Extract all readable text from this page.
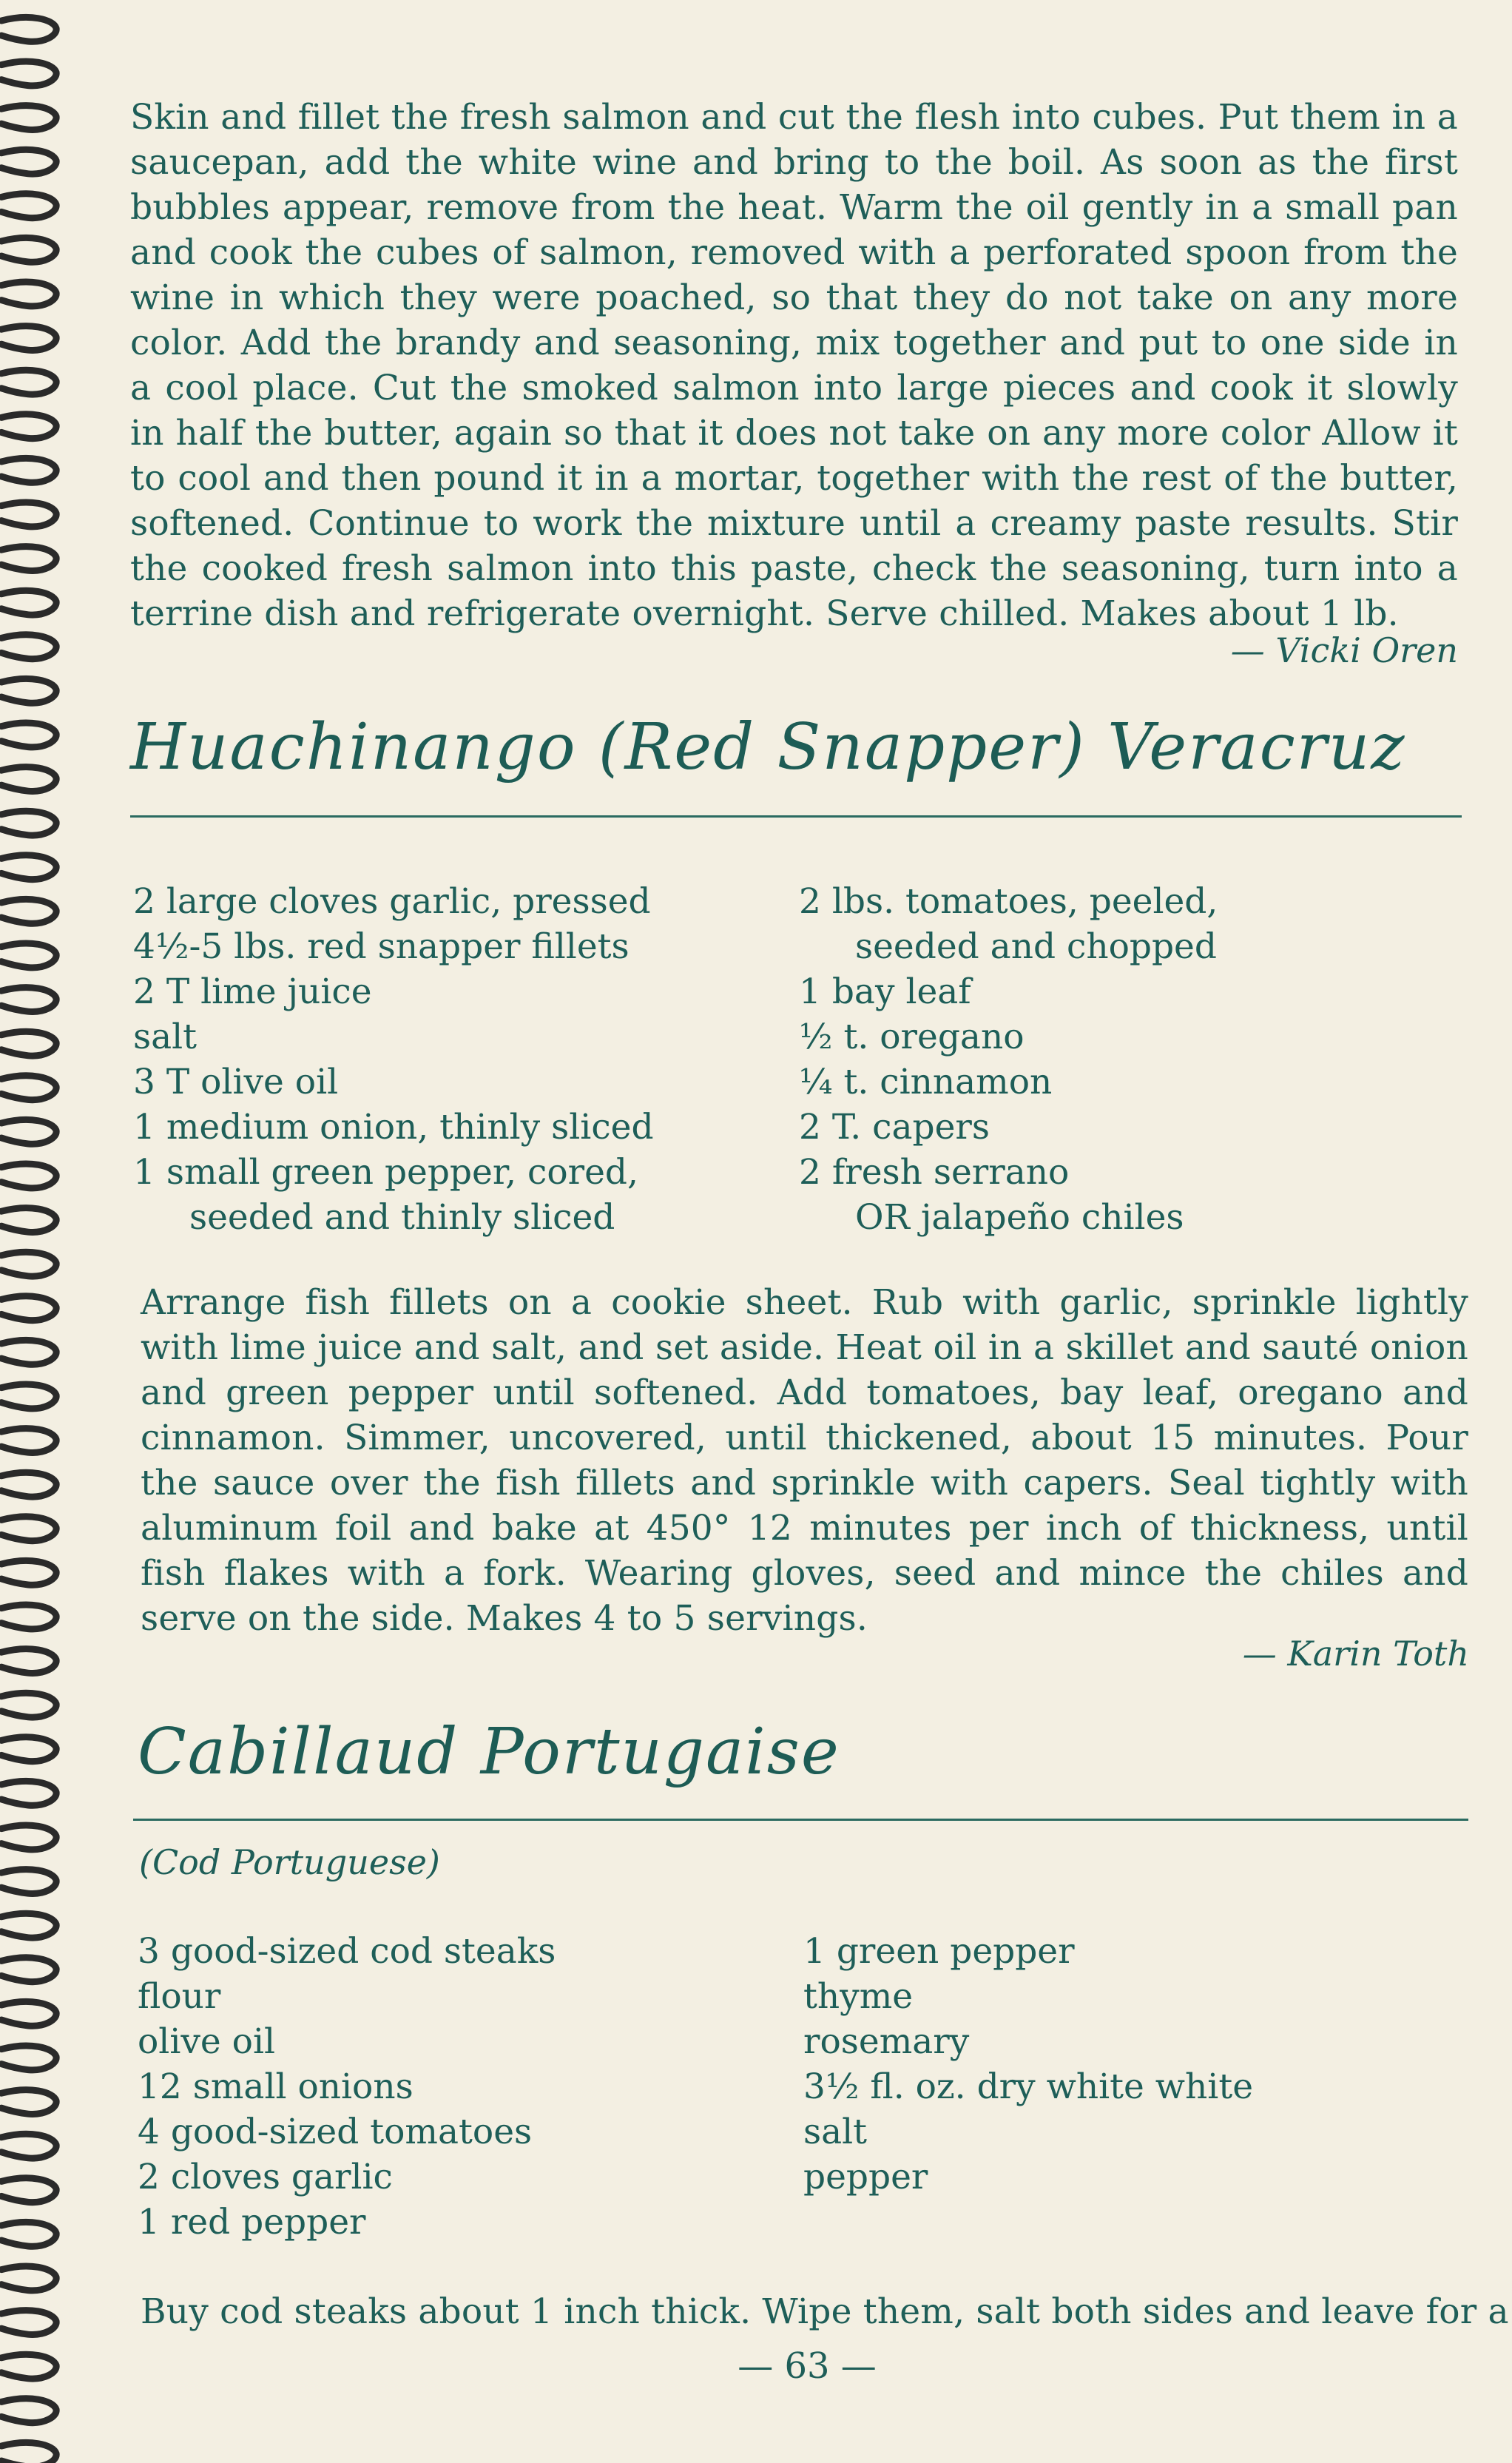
Skin and fillet the fresh salmon and cut the flesh into cubes. Put them in a saucepan, add the white wine and bring to the boil. As soon as the first bubbles appear, remove from the heat. Warm the oil gently in a small pan and cook the cubes of salmon, removed with a perforated spoon from the wine in which they were poached, so that they do not take on any more color. Add the brandy and seasoning, mix together and put to one side in a cool place. Cut the smoked salmon into large pieces and cook it slowly in half the butter, again so that it does not take on any more color Allow it to cool and then pound it in a mortar, together with the rest of the butter, softened. Continue to work the mixture until a creamy paste results. Stir the cooked fresh salmon into this paste, check the seasoning, turn into a terrine dish and refrigerate overnight. Serve chilled. Makes about 1 lb.

— Vicki Oren

Huachinango (Red Snapper) Veracruz

2 large cloves garlic, pressed

4½-5 lbs. red snapper fillets

2 T lime juice

salt

3 T olive oil

1 medium onion, thinly sliced

1 small green pepper, cored,

seeded and thinly sliced

2 lbs. tomatoes, peeled,

seeded and chopped

1 bay leaf

½ t. oregano

¼ t. cinnamon

2 T. capers

2 fresh serrano

OR jalapeño chiles

Arrange fish fillets on a cookie sheet. Rub with garlic, sprinkle lightly with lime juice and salt, and set aside. Heat oil in a skillet and sauté onion and green pepper until softened. Add tomatoes, bay leaf, oregano and cinnamon. Simmer, uncovered, until thickened, about 15 minutes. Pour the sauce over the fish fillets and sprinkle with capers. Seal tightly with aluminum foil and bake at 450° 12 minutes per inch of thickness, until fish flakes with a fork. Wearing gloves, seed and mince the chiles and serve on the side. Makes 4 to 5 servings.

— Karin Toth

Cabillaud Portugaise

(Cod Portuguese)

3 good-sized cod steaks

flour

olive oil

12 small onions

4 good-sized tomatoes

2 cloves garlic

1 red pepper

1 green pepper

thyme

rosemary

3½ fl. oz. dry white white

salt

pepper

Buy cod steaks about 1 inch thick. Wipe them, salt both sides and leave for a

— 63 —
